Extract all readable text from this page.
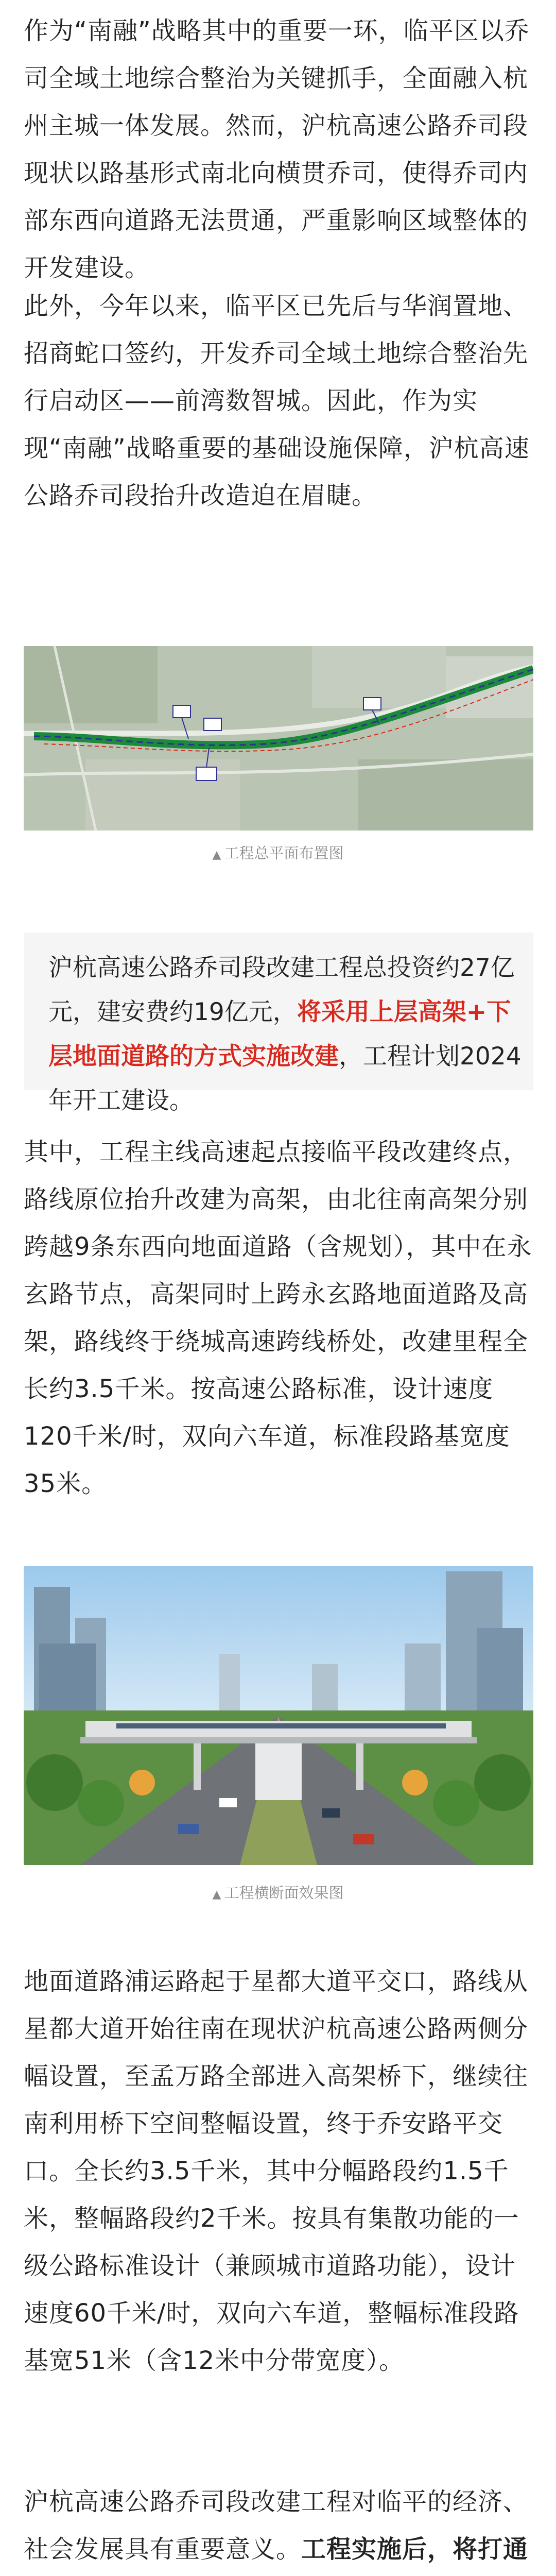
作为“南融”战略其中的重要一环，临平区以乔司全域土地综合整治为关键抓手，全面融入杭州主城一体发展。然而，沪杭高速公路乔司段现状以路基形式南北向横贯乔司，使得乔司内部东西向道路无法贯通，严重影响区域整体的开发建设。

此外，今年以来，临平区已先后与华润置地、招商蛇口签约，开发乔司全域土地综合整治先行启动区——前湾数智城。因此，作为实现“南融”战略重要的基础设施保障，沪杭高速公路乔司段抬升改造迫在眉睫。

▲ 工程总平面布置图

沪杭高速公路乔司段改建工程总投资约27亿元，建安费约19亿元，将采用上层高架+下层地面道路的方式实施改建，工程计划2024年开工建设。

其中，工程主线高速起点接临平段改建终点，路线原位抬升改建为高架，由北往南高架分别跨越9条东西向地面道路（含规划），其中在永玄路节点，高架同时上跨永玄路地面道路及高架，路线终于绕城高速跨线桥处，改建里程全长约3.5千米。按高速公路标准，设计速度120千米/时，双向六车道，标准段路基宽度35米。

▲ 工程横断面效果图

地面道路浦运路起于星都大道平交口，路线从星都大道开始往南在现状沪杭高速公路两侧分幅设置，至孟万路全部进入高架桥下，继续往南利用桥下空间整幅设置，终于乔安路平交口。全长约3.5千米，其中分幅路段约1.5千米，整幅路段约2千米。按具有集散功能的一级公路标准设计（兼顾城市道路功能），设计速度60千米/时，双向六车道，整幅标准段路基宽51米（含12米中分带宽度）。

沪杭高速公路乔司段改建工程对临平的经济、社会发展具有重要意义。工程实施后，将打通
